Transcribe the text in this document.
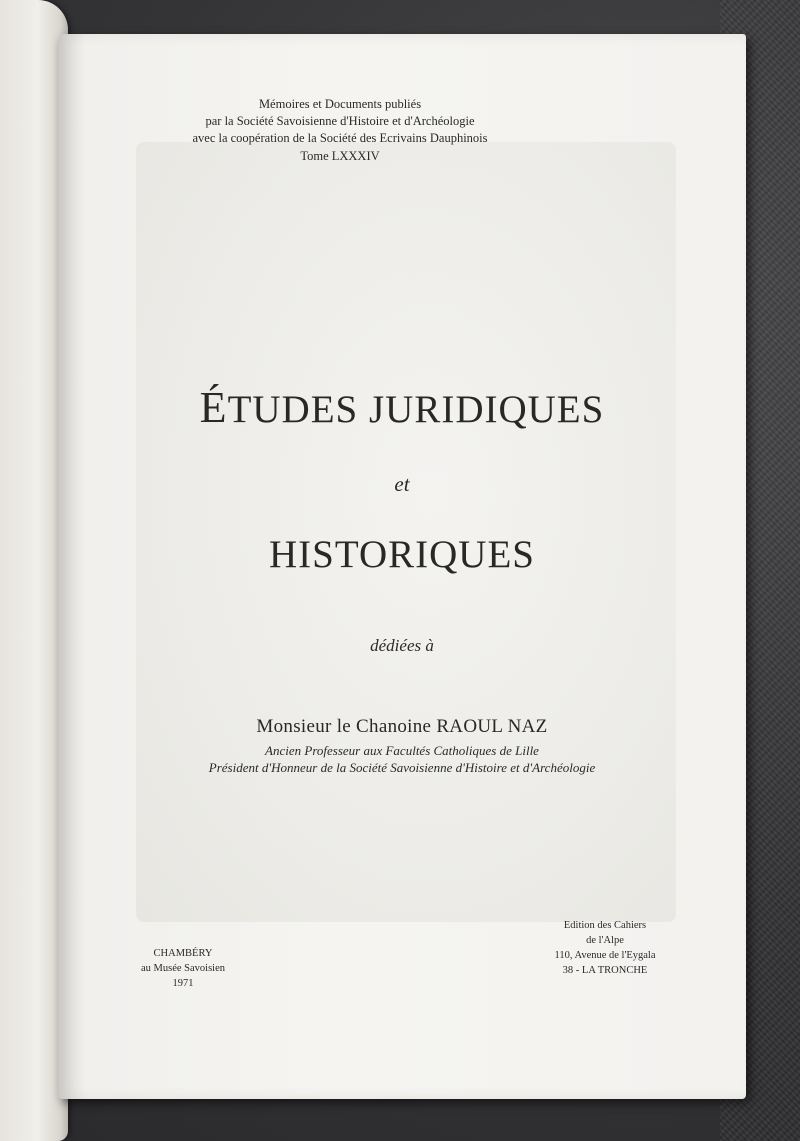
Mémoires et Documents publiés
par la Société Savoisienne d'Histoire et d'Archéologie
avec la coopération de la Société des Ecrivains Dauphinois
Tome LXXXIV
ÉTUDES JURIDIQUES
et
HISTORIQUES
dédiées à
Monsieur le Chanoine RAOUL NAZ
Ancien Professeur aux Facultés Catholiques de Lille
Président d'Honneur de la Société Savoisienne d'Histoire et d'Archéologie
CHAMBÉRY
au Musée Savoisien
1971
Edition des Cahiers
de l'Alpe
110, Avenue de l'Eygala
38 - LA TRONCHE
